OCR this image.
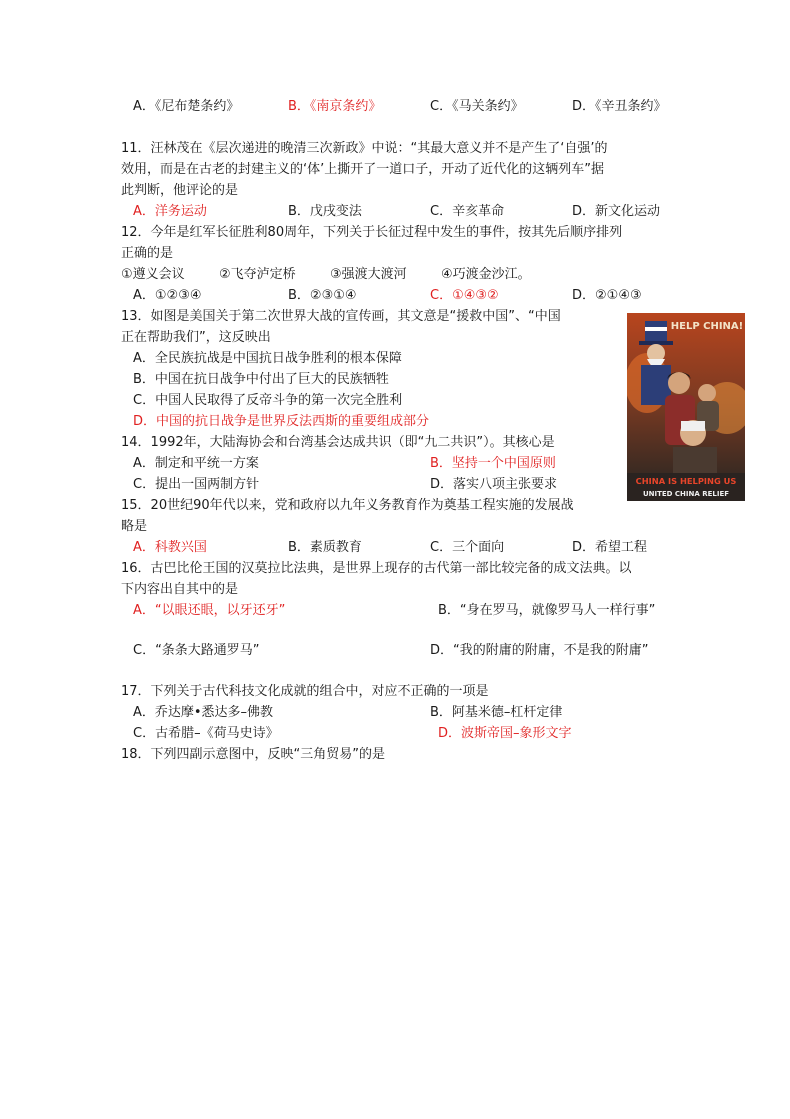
A．《尼布楚条约》	B．《南京条约》	C．《马关条约》	D．《辛丑条约》
11．汪林茂在《层次递进的晚清三次新政》中说：“其最大意义并不是产生了‘自强’的
效用，而是在古老的封建主义的‘体’上撕开了一道口子，开动了近代化的这辆列车”据
此判断，他评论的是
A．洋务运动	B．戊戌变法	C．辛亥革命	D．新文化运动
12．今年是红军长征胜利80周年，下列关于长征过程中发生的事件，按其先后顺序排列
正确的是
①遵义会议	②飞夺泸定桥	③强渡大渡河	④巧渡金沙江。
A．①②③④	B．②③①④	C．①④③②	D．②①④③
13．如图是美国关于第二次世界大战的宣传画，其文意是“援救中国”、“中国
正在帮助我们”，这反映出
A．全民族抗战是中国抗日战争胜利的根本保障
B．中国在抗日战争中付出了巨大的民族牺牲
C．中国人民取得了反帝斗争的第一次完全胜利
D．中国的抗日战争是世界反法西斯的重要组成部分
HELP CHINA!
CHINA IS HELPING US
UNITED CHINA RELIEF
14．1992年，大陆海协会和台湾基会达成共识（即“九二共识”）。其核心是
A．制定和平统一方案	B．坚持一个中国原则
C．提出一国两制方针	D．落实八项主张要求
15．20世纪90年代以来，党和政府以九年义务教育作为奠基工程实施的发展战
略是
A．科教兴国	B．素质教育	C．三个面向	D．希望工程
16．古巴比伦王国的汉莫拉比法典，是世界上现存的古代第一部比较完备的成文法典。以
下内容出自其中的是
A．“以眼还眼，以牙还牙”	B．“身在罗马，就像罗马人一样行事”
C．“条条大路通罗马”	D．“我的附庸的附庸，不是我的附庸”
17．下列关于古代科技文化成就的组合中，对应不正确的一项是
A．乔达摩•悉达多–佛教	B．阿基米德–杠杆定律
C．古希腊–《荷马史诗》	D．波斯帝国–象形文字
18．下列四副示意图中，反映“三角贸易”的是
